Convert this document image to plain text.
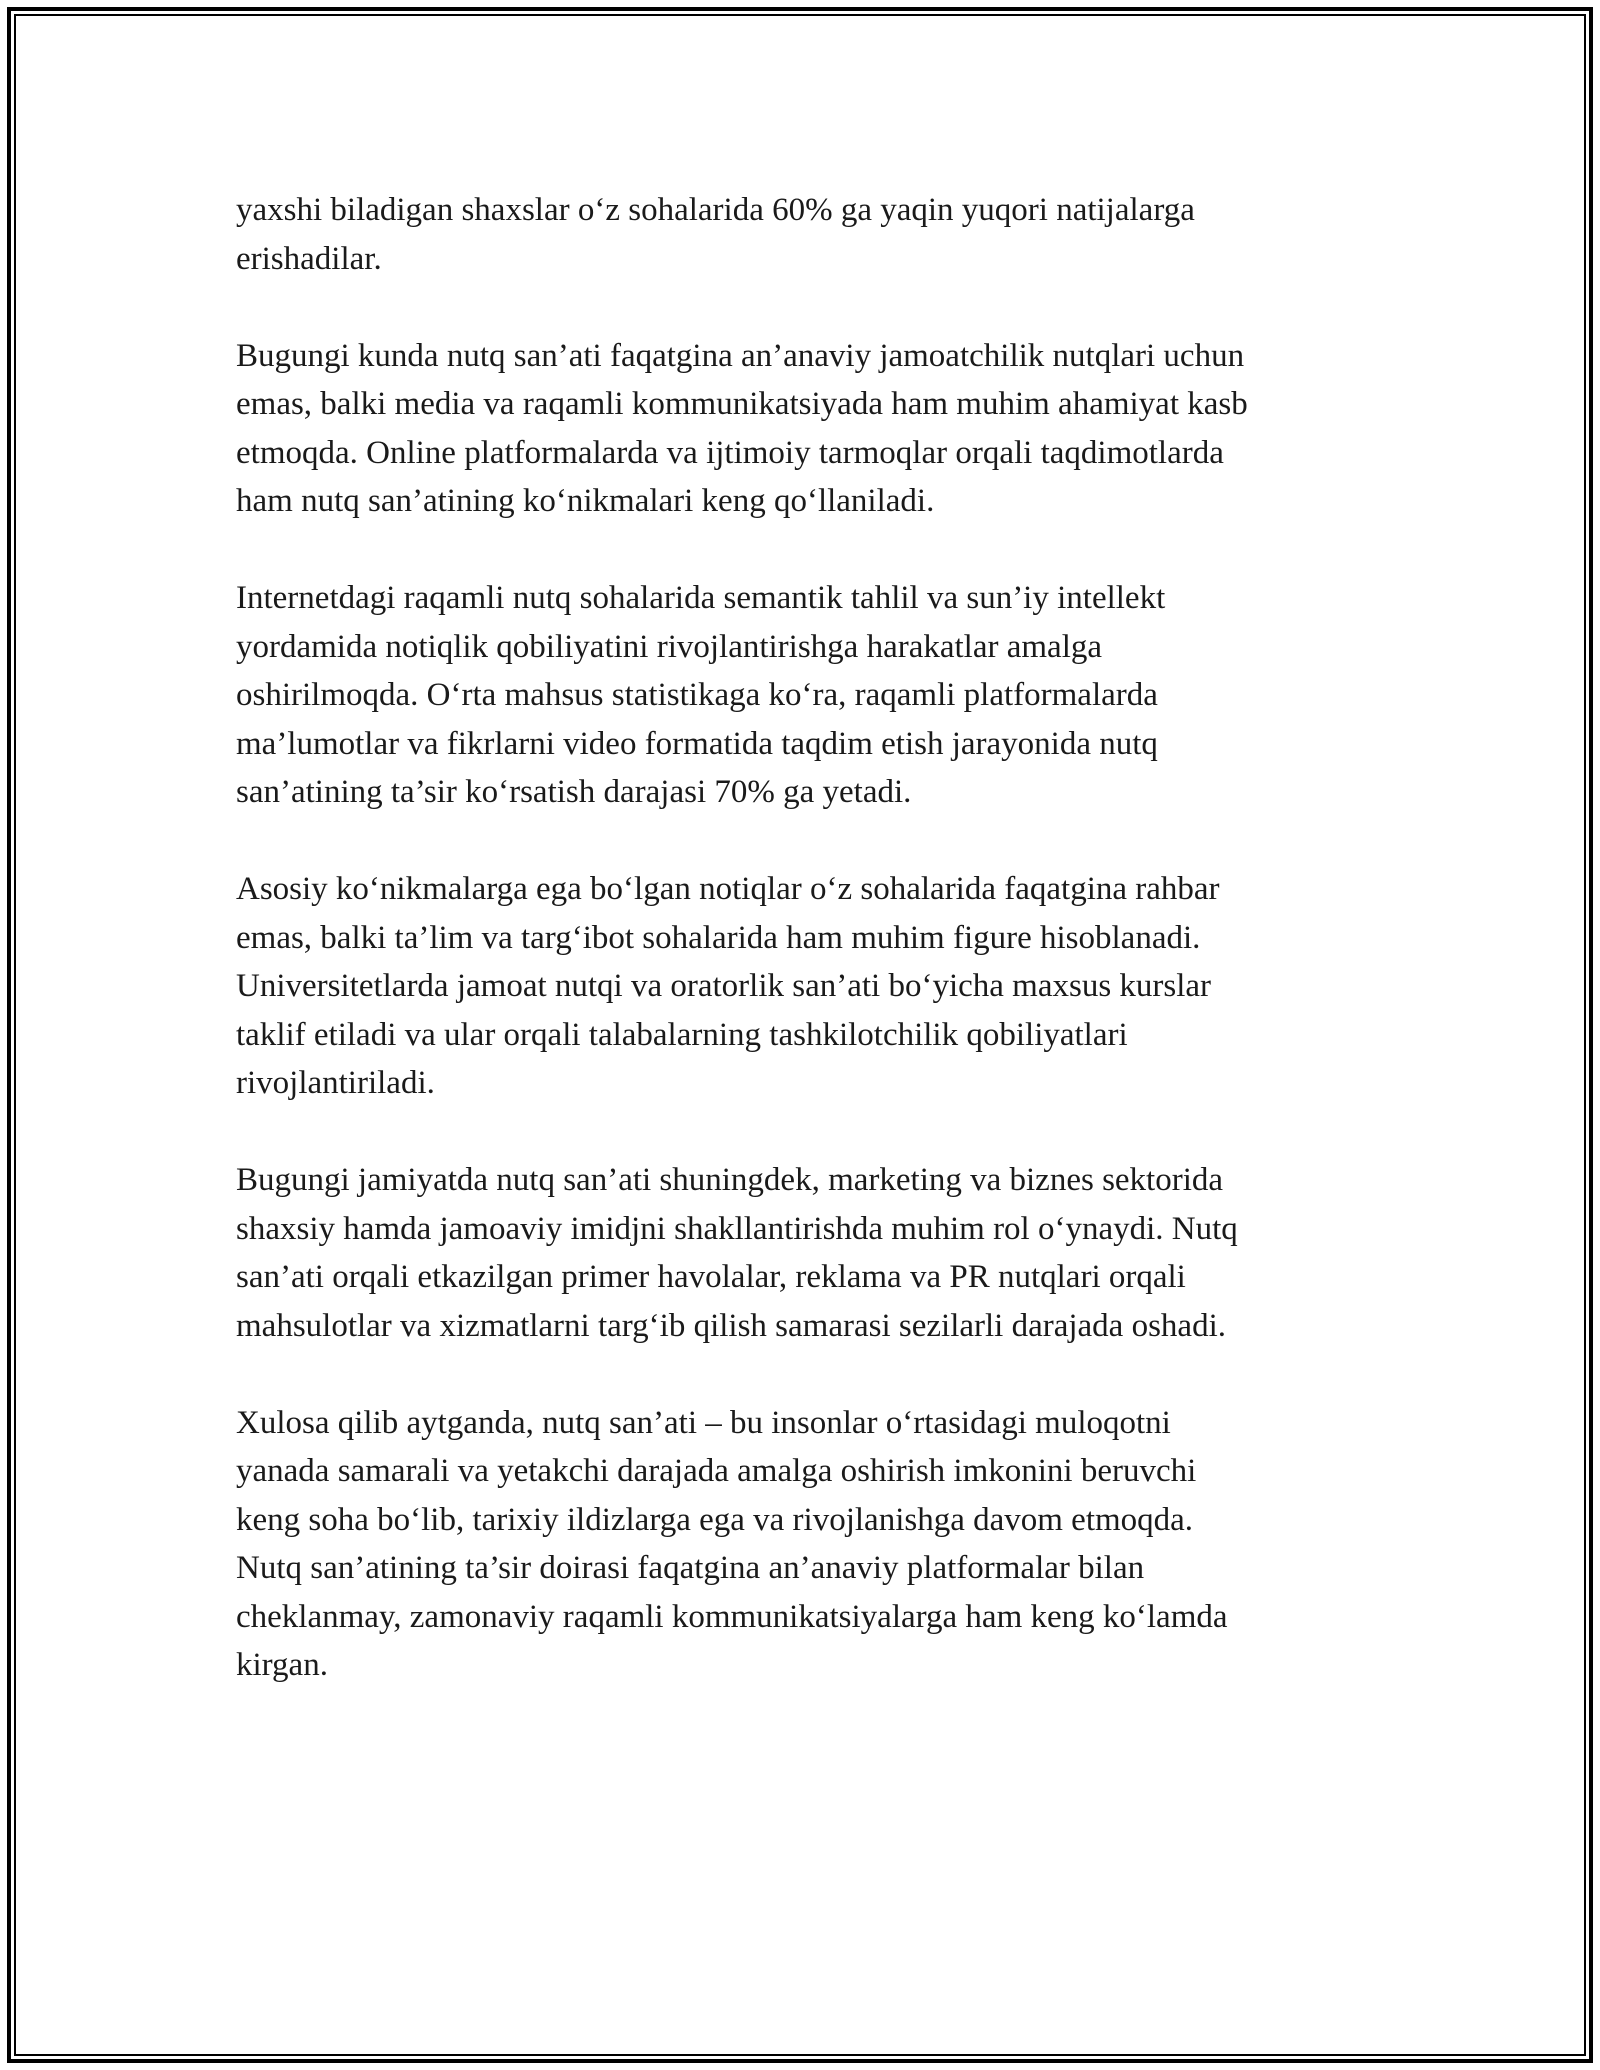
yaxshi biladigan shaxslar o‘z sohalarida 60% ga yaqin yuqori natijalarga
erishadilar.

Bugungi kunda nutq san’ati faqatgina an’anaviy jamoatchilik nutqlari uchun
emas, balki media va raqamli kommunikatsiyada ham muhim ahamiyat kasb
etmoqda. Online platformalarda va ijtimoiy tarmoqlar orqali taqdimotlarda
ham nutq san’atining ko‘nikmalari keng qo‘llaniladi.

Internetdagi raqamli nutq sohalarida semantik tahlil va sun’iy intellekt
yordamida notiqlik qobiliyatini rivojlantirishga harakatlar amalga
oshirilmoqda. O‘rta mahsus statistikaga ko‘ra, raqamli platformalarda
ma’lumotlar va fikrlarni video formatida taqdim etish jarayonida nutq
san’atining ta’sir ko‘rsatish darajasi 70% ga yetadi.

Asosiy ko‘nikmalarga ega bo‘lgan notiqlar o‘z sohalarida faqatgina rahbar
emas, balki ta’lim va targ‘ibot sohalarida ham muhim figure hisoblanadi.
Universitetlarda jamoat nutqi va oratorlik san’ati bo‘yicha maxsus kurslar
taklif etiladi va ular orqali talabalarning tashkilotchilik qobiliyatlari
rivojlantiriladi.

Bugungi jamiyatda nutq san’ati shuningdek, marketing va biznes sektorida
shaxsiy hamda jamoaviy imidjni shakllantirishda muhim rol o‘ynaydi. Nutq
san’ati orqali etkazilgan primer havolalar, reklama va PR nutqlari orqali
mahsulotlar va xizmatlarni targ‘ib qilish samarasi sezilarli darajada oshadi.

Xulosa qilib aytganda, nutq san’ati – bu insonlar o‘rtasidagi muloqotni
yanada samarali va yetakchi darajada amalga oshirish imkonini beruvchi
keng soha bo‘lib, tarixiy ildizlarga ega va rivojlanishga davom etmoqda.
Nutq san’atining ta’sir doirasi faqatgina an’anaviy platformalar bilan
cheklanmay, zamonaviy raqamli kommunikatsiyalarga ham keng ko‘lamda
kirgan.
